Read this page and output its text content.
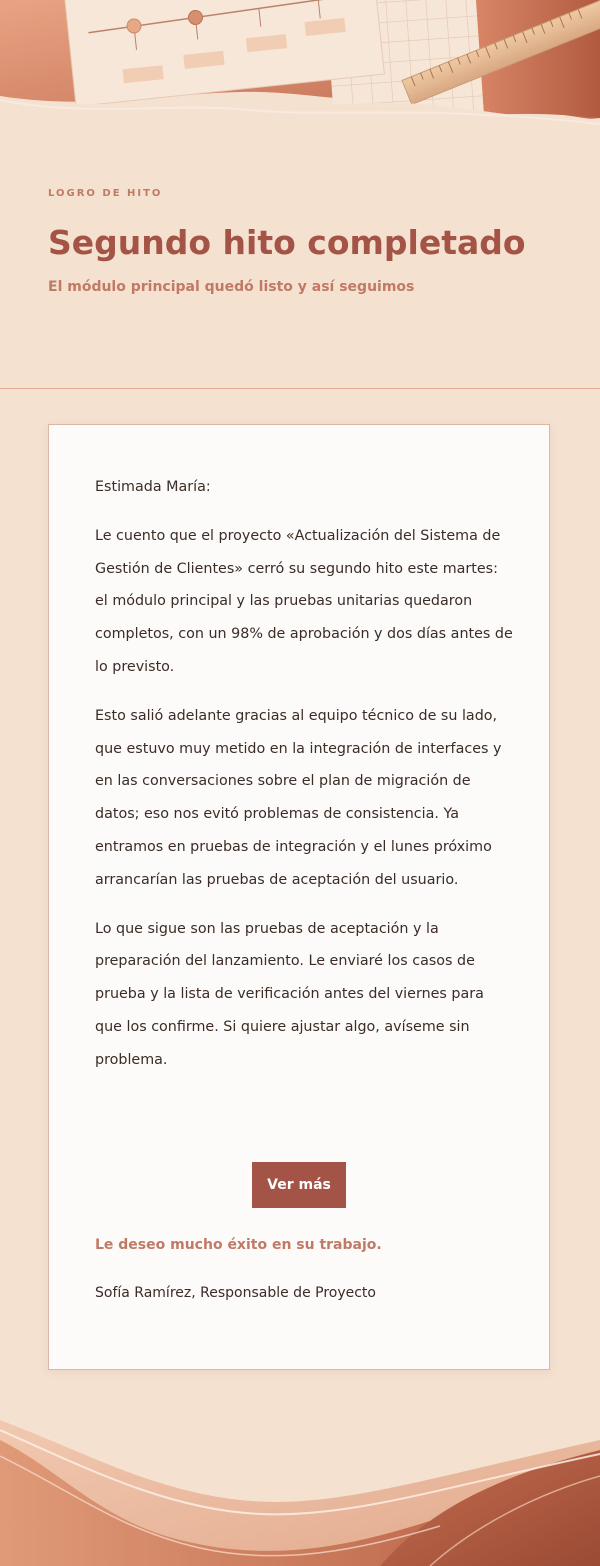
LOGRO DE HITO
Segundo hito completado
El módulo principal quedó listo y así seguimos

Estimada María:

Le cuento que el proyecto «Actualización del Sistema de Gestión de Clientes» cerró su segundo hito este martes: el módulo principal y las pruebas unitarias quedaron completos, con un 98% de aprobación y dos días antes de lo previsto.

Esto salió adelante gracias al equipo técnico de su lado, que estuvo muy metido en la integración de interfaces y en las conversaciones sobre el plan de migración de datos; eso nos evitó problemas de consistencia. Ya entramos en pruebas de integración y el lunes próximo arrancarían las pruebas de aceptación del usuario.

Lo que sigue son las pruebas de aceptación y la preparación del lanzamiento. Le enviaré los casos de prueba y la lista de verificación antes del viernes para que los confirme. Si quiere ajustar algo, avíseme sin problema.

Ver más
Le deseo mucho éxito en su trabajo.
Sofía Ramírez, Responsable de Proyecto
